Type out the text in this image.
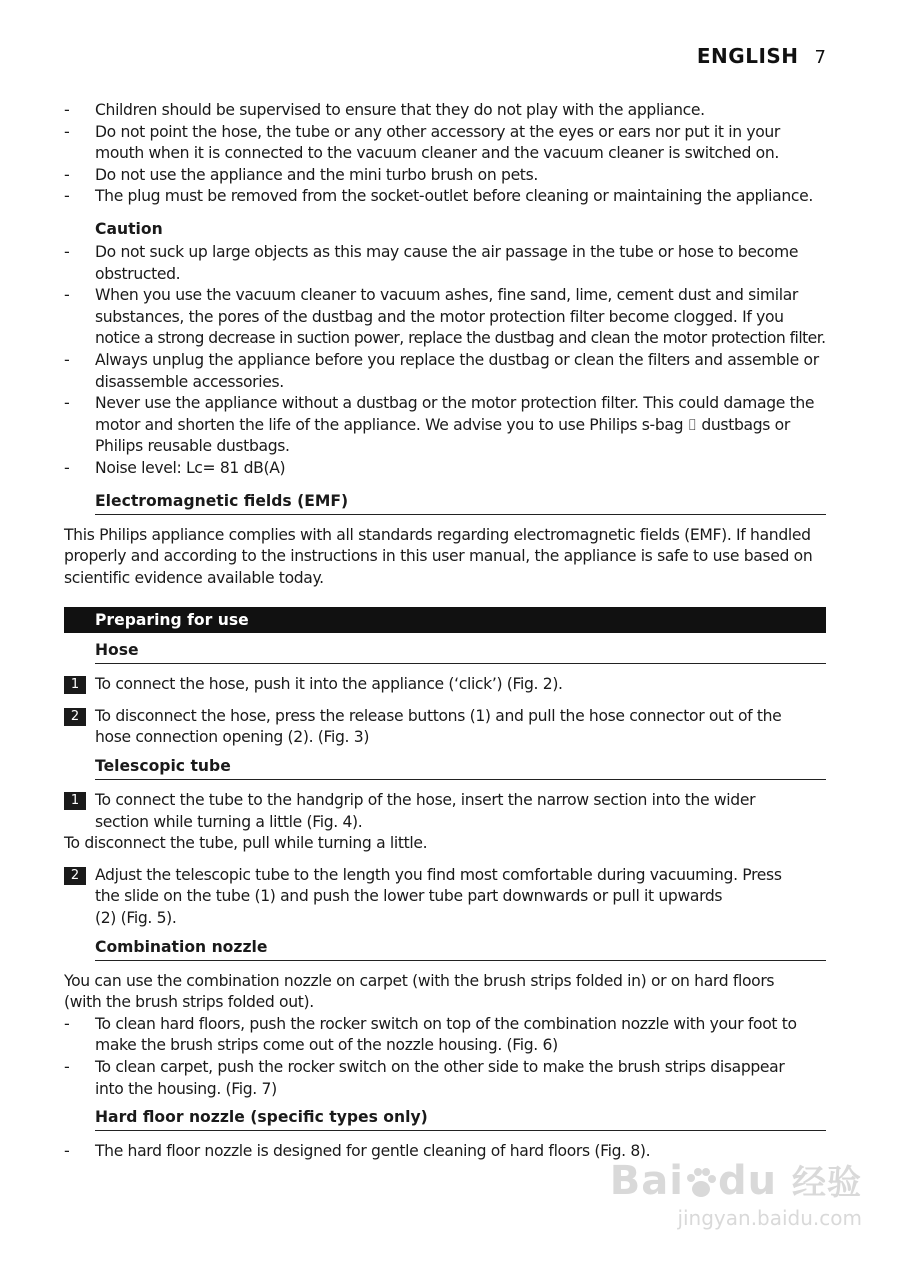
ENGLISH 7
- Children should be supervised to ensure that they do not play with the appliance.
- Do not point the hose, the tube or any other accessory at the eyes or ears nor put it in your
mouth when it is connected to the vacuum cleaner and the vacuum cleaner is switched on.
- Do not use the appliance and the mini turbo brush on pets.
- The plug must be removed from the socket-outlet before cleaning or maintaining the appliance.
Caution
- Do not suck up large objects as this may cause the air passage in the tube or hose to become
obstructed.
- When you use the vacuum cleaner to vacuum ashes, fine sand, lime, cement dust and similar
substances, the pores of the dustbag and the motor protection filter become clogged. If you
notice a strong decrease in suction power, replace the dustbag and clean the motor protection filter.
- Always unplug the appliance before you replace the dustbag or clean the filters and assemble or
disassemble accessories.
- Never use the appliance without a dustbag or the motor protection filter. This could damage the
motor and shorten the life of the appliance. We advise you to use Philips s-bag ⌷ dustbags or
Philips reusable dustbags.
- Noise level: Lc= 81 dB(A)
Electromagnetic fields (EMF)
This Philips appliance complies with all standards regarding electromagnetic fields (EMF). If handled
properly and according to the instructions in this user manual, the appliance is safe to use based on
scientific evidence available today.
Preparing for use
Hose
1	To connect the hose, push it into the appliance (‘click’) (Fig. 2).
2	To disconnect the hose, press the release buttons (1) and pull the hose connector out of the
hose connection opening (2). (Fig. 3)
Telescopic tube
1	To connect the tube to the handgrip of the hose, insert the narrow section into the wider
section while turning a little (Fig. 4).
To disconnect the tube, pull while turning a little.
2	Adjust the telescopic tube to the length you find most comfortable during vacuuming. Press
the slide on the tube (1) and push the lower tube part downwards or pull it upwards
(2) (Fig. 5).
Combination nozzle
You can use the combination nozzle on carpet (with the brush strips folded in) or on hard floors
(with the brush strips folded out).
- To clean hard floors, push the rocker switch on top of the combination nozzle with your foot to
make the brush strips come out of the nozzle housing. (Fig. 6)
- To clean carpet, push the rocker switch on the other side to make the brush strips disappear
into the housing. (Fig. 7)
Hard floor nozzle (specific types only)
- The hard floor nozzle is designed for gentle cleaning of hard floors (Fig. 8).
Bai du 经验
jingyan.baidu.com
